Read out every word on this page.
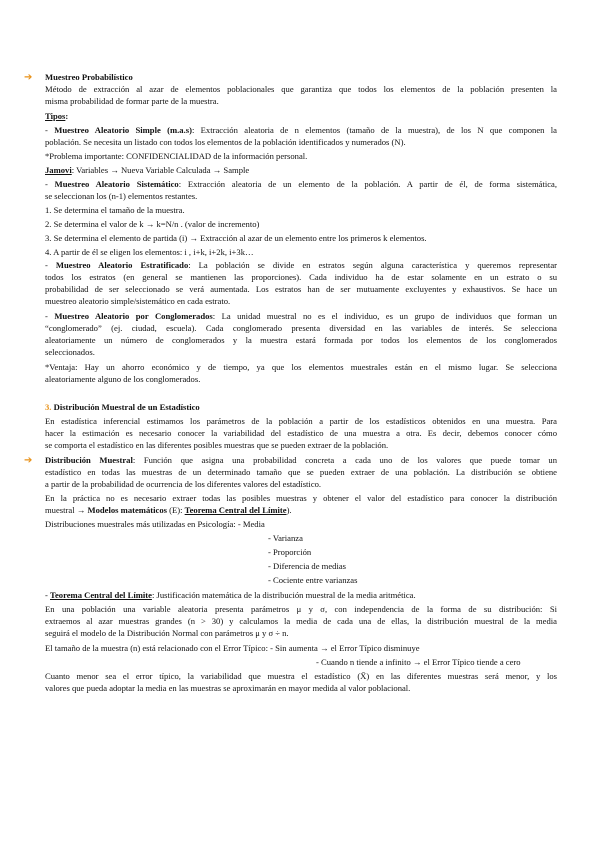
➔ Muestreo Probabilístico
Método de extracción al azar de elementos poblacionales que garantiza que todos los elementos de la población presenten la
misma probabilidad de formar parte de la muestra.
Tipos:
- Muestreo Aleatorio Simple (m.a.s): Extracción aleatoria de n elementos (tamaño de la muestra), de los N que componen la
población. Se necesita un listado con todos los elementos de la población identificados y numerados (N).
*Problema importante: CONFIDENCIALIDAD de la información personal.
Jamovi: Variables → Nueva Variable Calculada → Sample
- Muestreo Aleatorio Sistemático: Extracción aleatoria de un elemento de la población. A partir de él, de forma sistemática,
se seleccionan los (n-1) elementos restantes.
1. Se determina el tamaño de la muestra.
2. Se determina el valor de k → k=N/n . (valor de incremento)
3. Se determina el elemento de partida (i) → Extracción al azar de un elemento entre los primeros k elementos.
4. A partir de él se eligen los elementos: i , i+k, i+2k, i+3k…
- Muestreo Aleatorio Estratificado: La población se divide en estratos según alguna característica y queremos representar
todos los estratos (en general se mantienen las proporciones). Cada individuo ha de estar solamente en un estrato o su
probabilidad de ser seleccionado se verá aumentada. Los estratos han de ser mutuamente excluyentes y exhaustivos. Se hace un
muestreo aleatorio simple/sistemático en cada estrato.
- Muestreo Aleatorio por Conglomerados: La unidad muestral no es el individuo, es un grupo de individuos que forman un
“conglomerado” (ej. ciudad, escuela). Cada conglomerado presenta diversidad en las variables de interés. Se selecciona
aleatoriamente un número de conglomerados y la muestra estará formada por todos los elementos de los conglomerados
seleccionados.
*Ventaja: Hay un ahorro económico y de tiempo, ya que los elementos muestrales están en el mismo lugar. Se selecciona
aleatoriamente alguno de los conglomerados.
3. Distribución Muestral de un Estadístico
En estadística inferencial estimamos los parámetros de la población a partir de los estadísticos obtenidos en una muestra. Para
hacer la estimación es necesario conocer la variabilidad del estadístico de una muestra a otra. Es decir, debemos conocer cómo
se comporta el estadístico en las diferentes posibles muestras que se pueden extraer de la población.
➔ Distribución Muestral: Función que asigna una probabilidad concreta a cada uno de los valores que puede tomar un
estadístico en todas las muestras de un determinado tamaño que se pueden extraer de una población. La distribución se obtiene
a partir de la probabilidad de ocurrencia de los diferentes valores del estadístico.
En la práctica no es necesario extraer todas las posibles muestras y obtener el valor del estadístico para conocer la distribución
muestral → Modelos matemáticos (E): Teorema Central del Límite).
Distribuciones muestrales más utilizadas en Psicología: - Media
- Varianza
- Proporción
- Diferencia de medias
- Cociente entre varianzas
- Teorema Central del Límite: Justificación matemática de la distribución muestral de la media aritmética.
En una población una variable aleatoria presenta parámetros μ y σ, con independencia de la forma de su distribución: Si
extraemos al azar muestras grandes (n > 30) y calculamos la media de cada una de ellas, la distribución muestral de la media
seguirá el modelo de la Distribución Normal con parámetros μ y σ ÷ n.
El tamaño de la muestra (n) está relacionado con el Error Típico: - Sin aumenta → el Error Típico disminuye
- Cuando n tiende a infinito → el Error Típico tiende a cero
Cuanto menor sea el error típico, la variabilidad que muestra el estadístico (X̄) en las diferentes muestras será menor, y los
valores que pueda adoptar la media en las muestras se aproximarán en mayor medida al valor poblacional.
